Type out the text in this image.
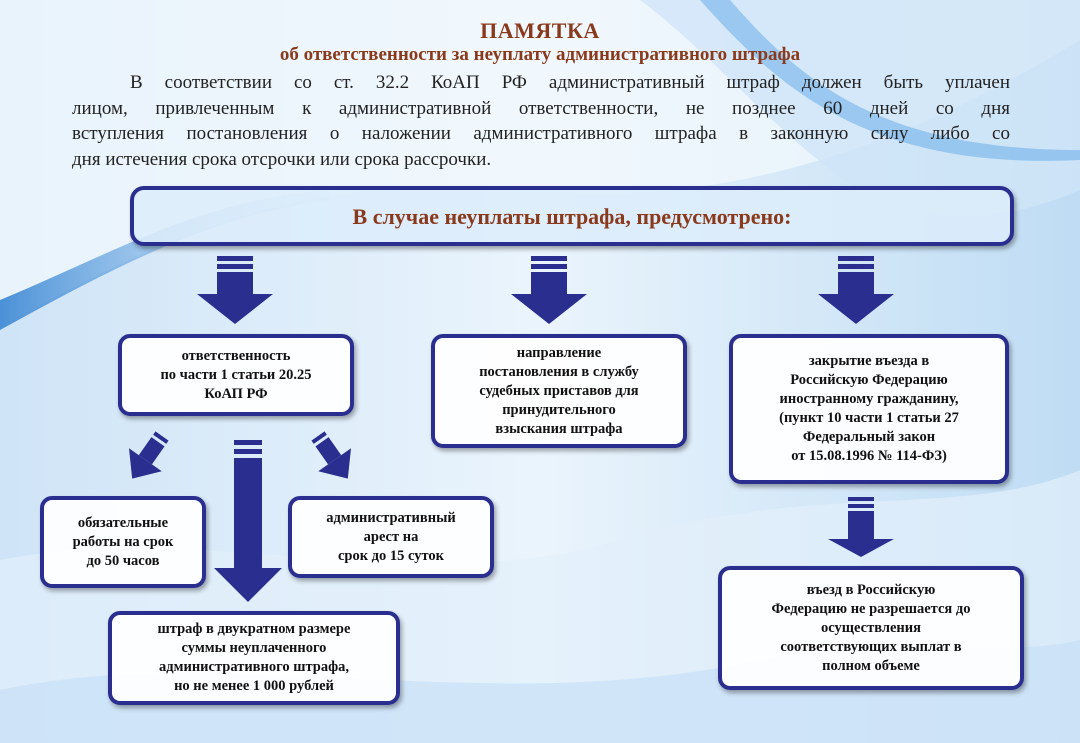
ПАМЯТКА
об ответственности за неуплату административного штрафа
В соответствии со ст. 32.2 КоАП РФ административный штраф должен быть уплачен
лицом, привлеченным к административной ответственности, не позднее 60 дней со дня
вступления постановления о наложении административного штрафа в законную силу либо со
дня истечения срока отсрочки или срока рассрочки.
В случае неуплаты штрафа, предусмотрено:
ответственность
по части 1 статьи 20.25
КоАП РФ
направление
постановления в службу
судебных приставов для
принудительного
взыскания штрафа
закрытие въезда в
Российскую Федерацию
иностранному гражданину,
(пункт 10 части 1 статьи 27
Федеральный закон
от 15.08.1996 № 114-ФЗ)
обязательные
работы на срок
до 50 часов
административный
арест на
срок до 15 суток
штраф в двукратном размере
суммы неуплаченного
административного штрафа,
но не менее 1 000 рублей
въезд в Российскую
Федерацию не разрешается до
осуществления
соответствующих выплат в
полном объеме
